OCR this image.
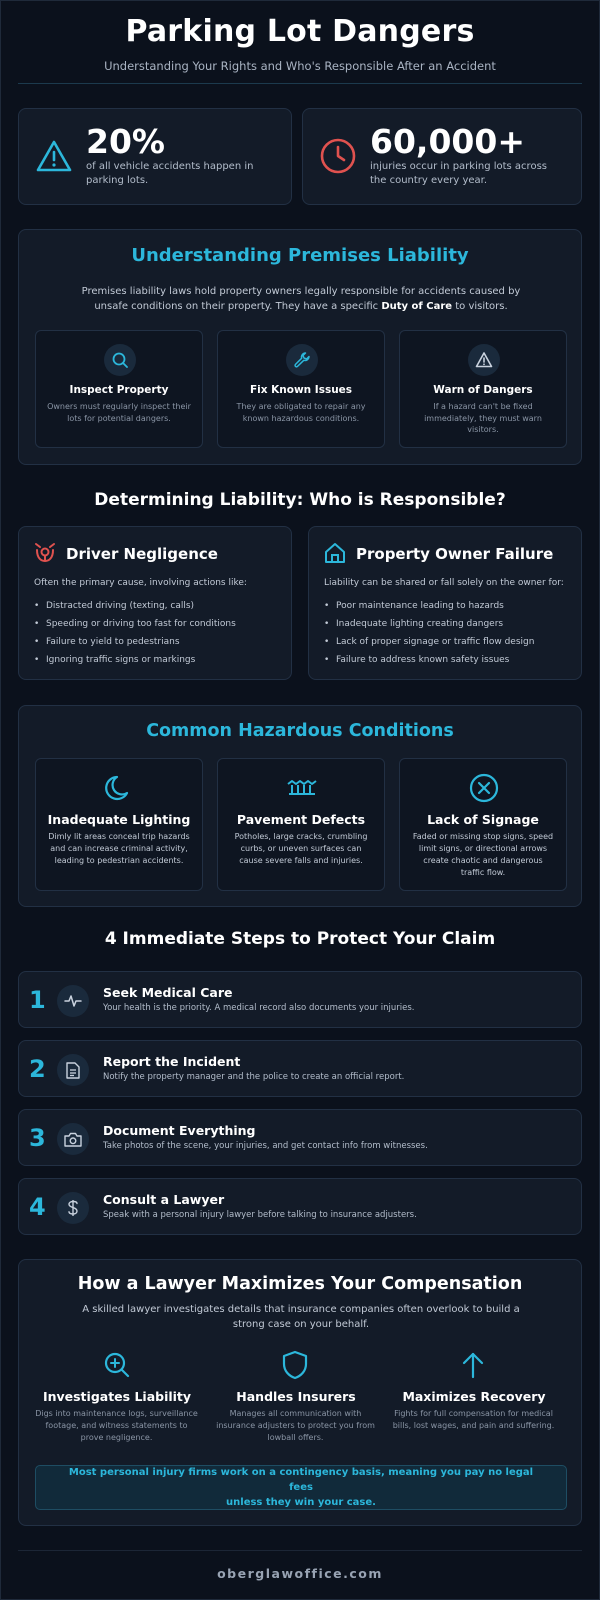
Parking Lot Dangers

Understanding Your Rights and Who's Responsible After an Accident

20%
of all vehicle accidents happen in
parking lots.
60,000+
injuries occur in parking lots across
the country every year.
Understanding Premises Liability
Premises liability laws hold property owners legally responsible for accidents caused by
unsafe conditions on their property. They have a specific Duty of Care to visitors.
Inspect Property
Owners must regularly inspect their
lots for potential dangers.
Fix Known Issues
They are obligated to repair any
known hazardous conditions.
Warn of Dangers
If a hazard can't be fixed
immediately, they must warn
visitors.
Determining Liability: Who is Responsible?
Driver Negligence
Often the primary cause, involving actions like:
• Distracted driving (texting, calls)
• Speeding or driving too fast for conditions
• Failure to yield to pedestrians
• Ignoring traffic signs or markings
Property Owner Failure
Liability can be shared or fall solely on the owner for:
• Poor maintenance leading to hazards
• Inadequate lighting creating dangers
• Lack of proper signage or traffic flow design
• Failure to address known safety issues
Common Hazardous Conditions
Inadequate Lighting
Dimly lit areas conceal trip hazards
and can increase criminal activity,
leading to pedestrian accidents.
Pavement Defects
Potholes, large cracks, crumbling
curbs, or uneven surfaces can
cause severe falls and injuries.
Lack of Signage
Faded or missing stop signs, speed
limit signs, or directional arrows
create chaotic and dangerous
traffic flow.
4 Immediate Steps to Protect Your Claim
1	Seek Medical Care
Your health is the priority. A medical record also documents your injuries.
2	Report the Incident
Notify the property manager and the police to create an official report.
3	Document Everything
Take photos of the scene, your injuries, and get contact info from witnesses.
4	Consult a Lawyer
Speak with a personal injury lawyer before talking to insurance adjusters.
How a Lawyer Maximizes Your Compensation
A skilled lawyer investigates details that insurance companies often overlook to build a
strong case on your behalf.
Investigates Liability
Digs into maintenance logs, surveillance
footage, and witness statements to
prove negligence.
Handles Insurers
Manages all communication with
insurance adjusters to protect you from
lowball offers.
Maximizes Recovery
Fights for full compensation for medical
bills, lost wages, and pain and suffering.
Most personal injury firms work on a contingency basis, meaning you pay no legal fees
unless they win your case.
oberglawoffice.com
